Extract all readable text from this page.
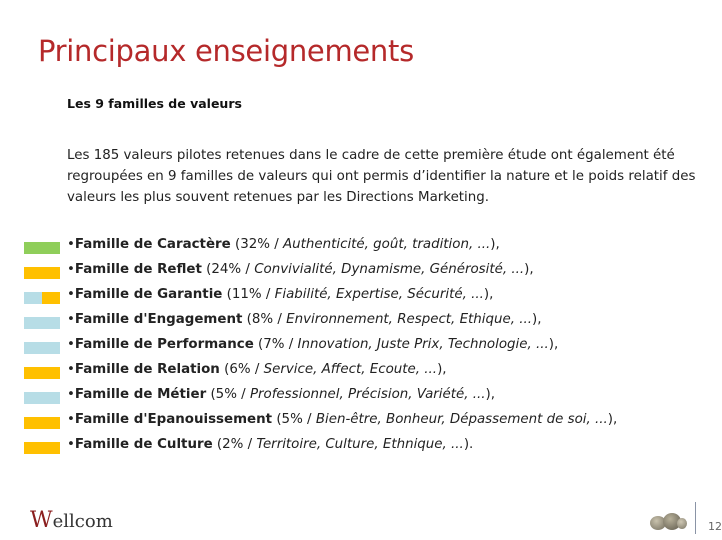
Principaux enseignements
Les 9 familles de valeurs
Les 185 valeurs pilotes retenues dans le cadre de cette première étude ont également été regroupées en 9 familles de valeurs qui ont permis d’identifier la nature et le poids relatif des valeurs les plus souvent retenues par les Directions Marketing.
•Famille de Caractère (32% / Authenticité, goût, tradition, ...),
•Famille de Reflet (24% / Convivialité, Dynamisme, Générosité, ...),
•Famille de Garantie (11% / Fiabilité, Expertise, Sécurité, ...),
•Famille d'Engagement (8% / Environnement, Respect, Ethique, ...),
•Famille de Performance (7% / Innovation, Juste Prix, Technologie, ...),
•Famille de Relation (6% / Service, Affect, Ecoute, ...),
•Famille de Métier (5% / Professionnel, Précision, Variété, ...),
•Famille d'Epanouissement (5% / Bien-être, Bonheur, Dépassement de soi, ...),
•Famille de Culture (2% / Territoire, Culture, Ethnique, ...).
W ellcom	12
